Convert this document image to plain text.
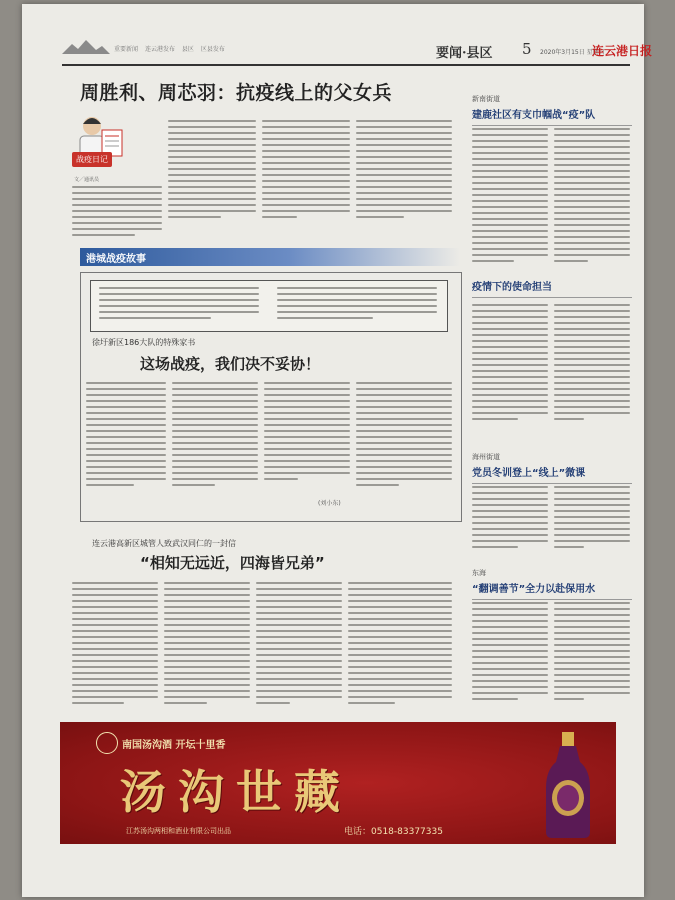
重要新闻 连云港发布 县区 区县发布	要闻·县区 5 2020年3月15日 星期日
连云港日报
周胜利、周芯羽：抗疫线上的父女兵
战疫日记
文／通讯员
新南街道
建鹿社区有支巾帼战“疫”队
疫情下的使命担当
海州街道
党员冬训登上“线上”微课
东海
“翻调善节”全力以赴保用水
港城战疫故事
徐圩新区186大队的特殊家书
这场战疫，我们决不妥协！
(刘小东)
连云港高新区城管人致武汉同仁的一封信
“相知无远近，四海皆兄弟”
南国汤沟酒 开坛十里香
汤沟世藏
江苏汤沟两相和酒业有限公司出品	电话：0518-83377335
